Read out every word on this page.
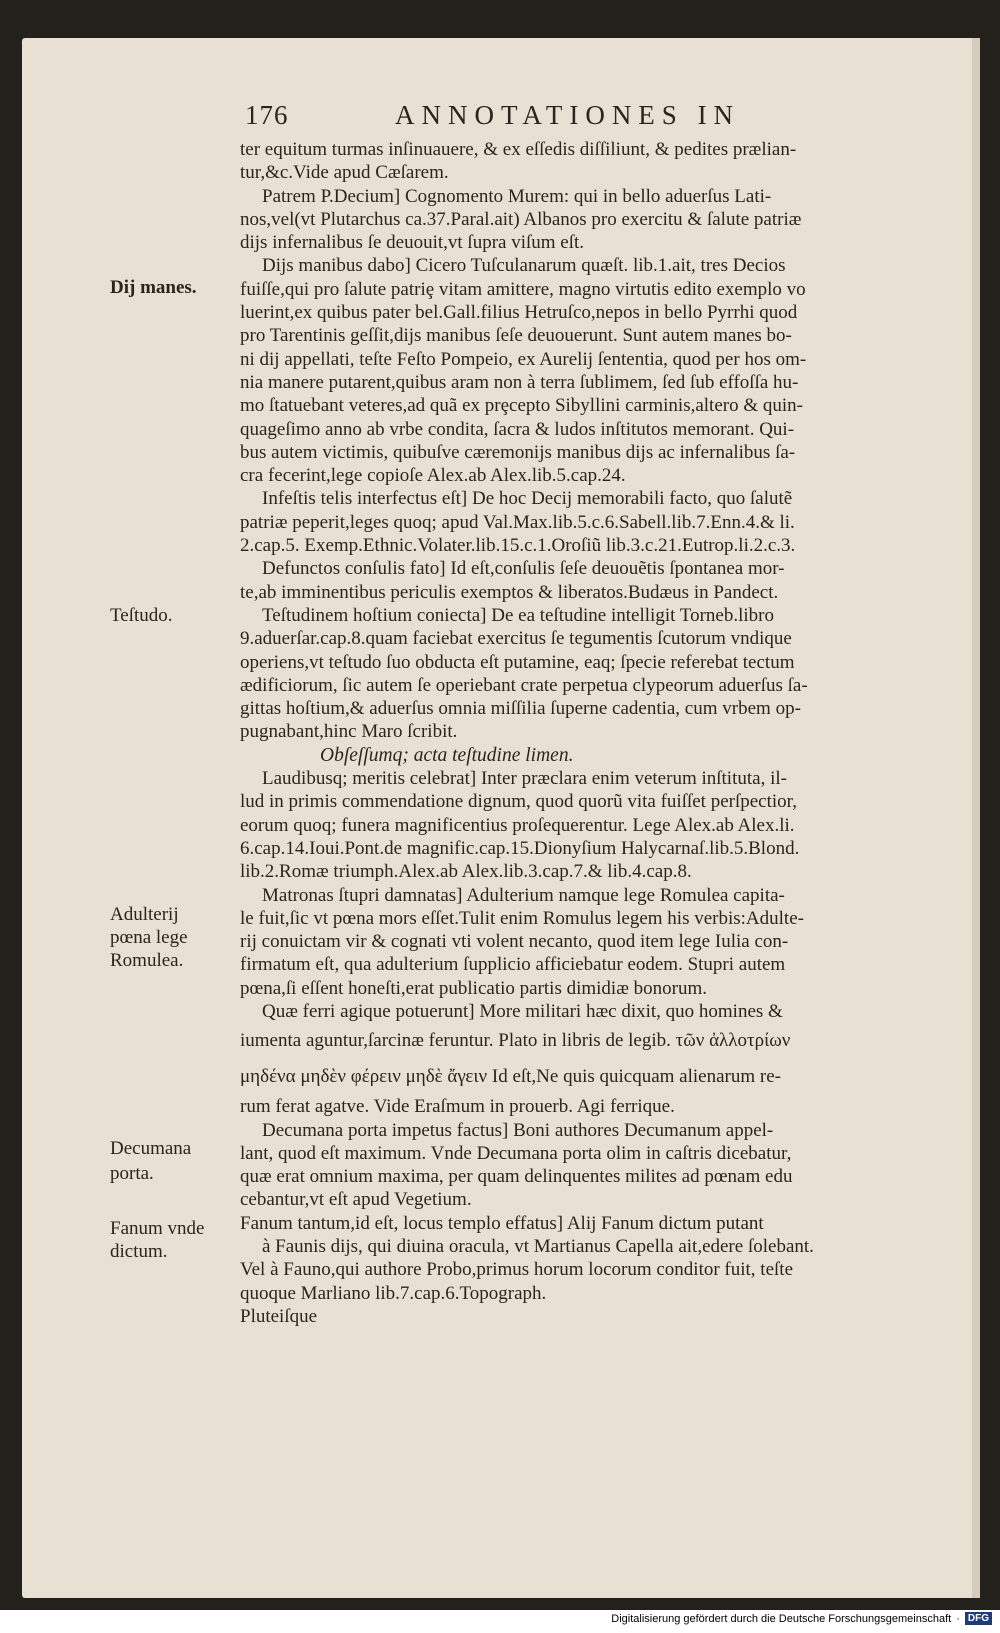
176	ANNOTATIONES IN
Dij manes.
Teſtudo.
Adulterij
pœna lege
Romulea.
Decumana
porta.
Fanum vnde
dictum.
ter equitum turmas inſinuauere, & ex eſſedis diſſiliunt, & pedites prælian-
tur,&c.Vide apud Cæſarem.
Patrem P.Decium] Cognomento Murem: qui in bello aduerſus Lati-
nos,vel(vt Plutarchus ca.37.Paral.ait) Albanos pro exercitu & ſalute patriæ
dijs infernalibus ſe deuouit,vt ſupra viſum eſt.
Dijs manibus dabo] Cicero Tuſculanarum quæſt. lib.1.ait, tres Decios
fuiſſe,qui pro ſalute patriȩ vitam amittere, magno virtutis edito exemplo vo
luerint,ex quibus pater bel.Gall.filius Hetruſco,nepos in bello Pyrrhi quod
pro Tarentinis geſſit,dijs manibus ſeſe deuouerunt. Sunt autem manes bo-
ni dij appellati, teſte Feſto Pompeio, ex Aurelij ſententia, quod per hos om-
nia manere putarent,quibus aram non à terra ſublimem, ſed ſub effoſſa hu-
mo ſtatuebant veteres,ad quã ex prȩcepto Sibyllini carminis,altero & quin-
quageſimo anno ab vrbe condita, ſacra & ludos inſtitutos memorant. Qui-
bus autem victimis, quibuſve cæremonijs manibus dijs ac infernalibus ſa-
cra fecerint,lege copioſe Alex.ab Alex.lib.5.cap.24.
Infeſtis telis interfectus eſt] De hoc Decij memorabili facto, quo ſalutẽ
patriæ peperit,leges quoq; apud Val.Max.lib.5.c.6.Sabell.lib.7.Enn.4.& li.
2.cap.5. Exemp.Ethnic.Volater.lib.15.c.1.Oroſiũ lib.3.c.21.Eutrop.li.2.c.3.
Defunctos conſulis fato] Id eſt,conſulis ſeſe deuouẽtis ſpontanea mor-
te,ab imminentibus periculis exemptos & liberatos.Budæus in Pandect.
Teſtudinem hoſtium coniecta] De ea teſtudine intelligit Torneb.libro
9.aduerſar.cap.8.quam faciebat exercitus ſe tegumentis ſcutorum vndique
operiens,vt teſtudo ſuo obducta eſt putamine, eaq; ſpecie referebat tectum
ædificiorum, ſic autem ſe operiebant crate perpetua clypeorum aduerſus ſa-
gittas hoſtium,& aduerſus omnia miſſilia ſuperne cadentia, cum vrbem op-
pugnabant,hinc Maro ſcribit.
Obſeſſumq; acta teſtudine limen.
Laudibusq; meritis celebrat] Inter præclara enim veterum inſtituta, il-
lud in primis commendatione dignum, quod quorũ vita fuiſſet perſpectior,
eorum quoq; funera magnificentius proſequerentur. Lege Alex.ab Alex.li.
6.cap.14.Ioui.Pont.de magnific.cap.15.Dionyſium Halycarnaſ.lib.5.Blond.
lib.2.Romæ triumph.Alex.ab Alex.lib.3.cap.7.& lib.4.cap.8.
Matronas ſtupri damnatas] Adulterium namque lege Romulea capita-
le fuit,ſic vt pœna mors eſſet.Tulit enim Romulus legem his verbis:Adulte-
rij conuictam vir & cognati vti volent necanto, quod item lege Iulia con-
firmatum eſt, qua adulterium ſupplicio afficiebatur eodem. Stupri autem
pœna,ſi eſſent honeſti,erat publicatio partis dimidiæ bonorum.
Quæ ferri agique potuerunt] More militari hæc dixit, quo homines &
iumenta aguntur,ſarcinæ feruntur. Plato in libris de legib. τῶν ἀλλοτρίων
μηδένα μηδὲν φέρειν μηδὲ ἄγειν Id eſt,Ne quis quicquam alienarum re-
rum ferat agatve. Vide Eraſmum in prouerb. Agi ferrique.
Decumana porta impetus factus] Boni authores Decumanum appel-
lant, quod eſt maximum. Vnde Decumana porta olim in caſtris dicebatur,
quæ erat omnium maxima, per quam delinquentes milites ad pœnam edu
cebantur,vt eſt apud Vegetium.
Fanum tantum,id eſt, locus templo effatus] Alij Fanum dictum putant
à Faunis dijs, qui diuina oracula, vt Martianus Capella ait,edere ſolebant.
Vel à Fauno,qui authore Probo,primus horum locorum conditor fuit, teſte
quoque Marliano lib.7.cap.6.Topograph.
Pluteiſque
Digitalisierung gefördert durch die Deutsche Forschungsgemeinschaft · DFG
